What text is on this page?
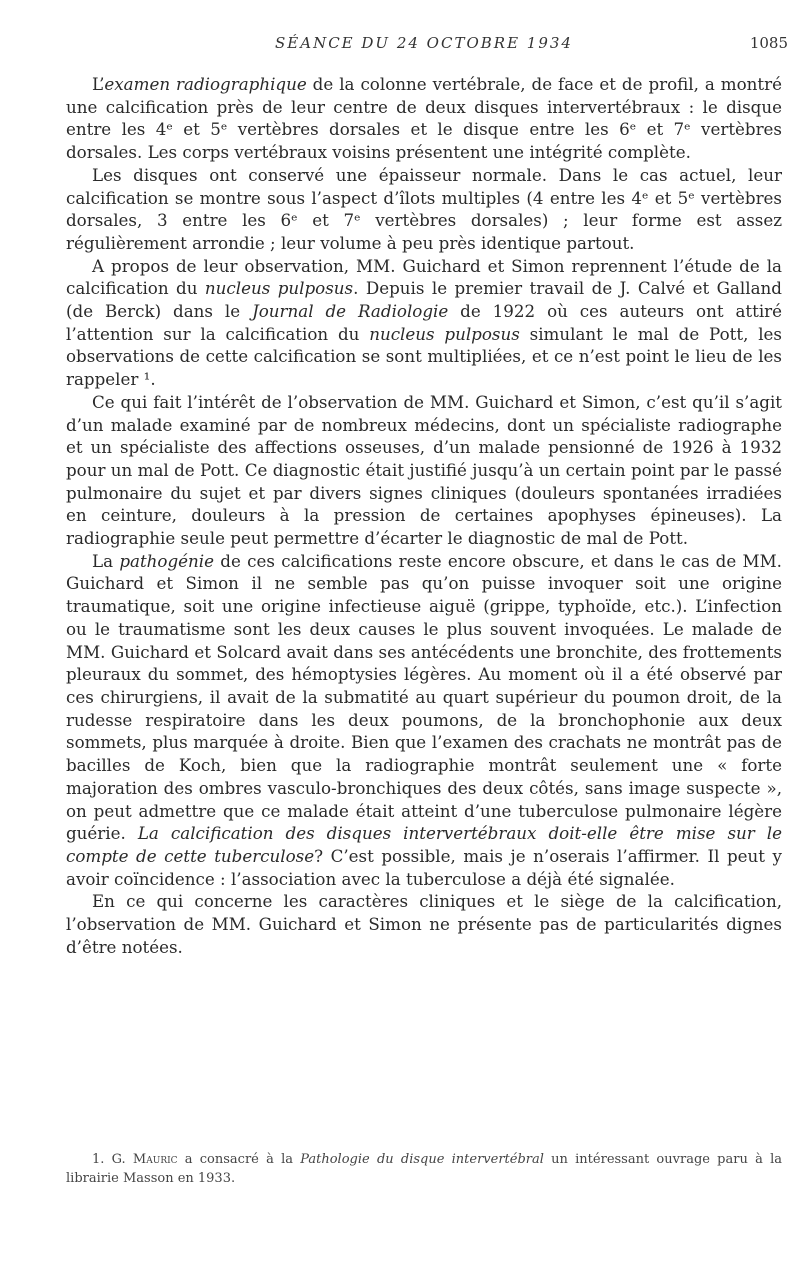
SÉANCE DU 24 OCTOBRE 1934	1085

L’examen radiographique de la colonne vertébrale, de face et de profil, a montré une calcification près de leur centre de deux disques intervertébraux : le disque entre les 4ᵉ et 5ᵉ vertèbres dorsales et le disque entre les 6ᵉ et 7ᵉ vertèbres dorsales. Les corps vertébraux voisins présentent une intégrité complète.

Les disques ont conservé une épaisseur normale. Dans le cas actuel, leur calcification se montre sous l’aspect d’îlots multiples (4 entre les 4ᵉ et 5ᵉ vertèbres dorsales, 3 entre les 6ᵉ et 7ᵉ vertèbres dorsales) ; leur forme est assez régulièrement arrondie ; leur volume à peu près identique partout.

A propos de leur observation, MM. Guichard et Simon reprennent l’étude de la calcification du nucleus pulposus. Depuis le premier travail de J. Calvé et Galland (de Berck) dans le Journal de Radiologie de 1922 où ces auteurs ont attiré l’attention sur la calcification du nucleus pulposus simulant le mal de Pott, les observations de cette calcification se sont multipliées, et ce n’est point le lieu de les rappeler ¹.

Ce qui fait l’intérêt de l’observation de MM. Guichard et Simon, c’est qu’il s’agit d’un malade examiné par de nombreux médecins, dont un spécialiste radiographe et un spécialiste des affections osseuses, d’un malade pensionné de 1926 à 1932 pour un mal de Pott. Ce diagnostic était justifié jusqu’à un certain point par le passé pulmonaire du sujet et par divers signes cliniques (douleurs spontanées irradiées en ceinture, douleurs à la pression de certaines apophyses épineuses). La radiographie seule peut permettre d’écarter le diagnostic de mal de Pott.

La pathogénie de ces calcifications reste encore obscure, et dans le cas de MM. Guichard et Simon il ne semble pas qu’on puisse invoquer soit une origine traumatique, soit une origine infectieuse aiguë (grippe, typhoïde, etc.). L’infection ou le traumatisme sont les deux causes le plus souvent invoquées. Le malade de MM. Guichard et Solcard avait dans ses antécédents une bronchite, des frottements pleuraux du sommet, des hémoptysies légères. Au moment où il a été observé par ces chirurgiens, il avait de la submatité au quart supérieur du poumon droit, de la rudesse respiratoire dans les deux poumons, de la bronchophonie aux deux sommets, plus marquée à droite. Bien que l’examen des crachats ne montrât pas de bacilles de Koch, bien que la radiographie montrât seulement une « forte majoration des ombres vasculo-bronchiques des deux côtés, sans image suspecte », on peut admettre que ce malade était atteint d’une tuberculose pulmonaire légère guérie. La calcification des disques intervertébraux doit-elle être mise sur le compte de cette tuberculose? C’est possible, mais je n’oserais l’affirmer. Il peut y avoir coïncidence : l’association avec la tuberculose a déjà été signalée.

En ce qui concerne les caractères cliniques et le siège de la calcification, l’observation de MM. Guichard et Simon ne présente pas de particularités dignes d’être notées.

1. G. Mauric a consacré à la Pathologie du disque intervertébral un intéressant ouvrage paru à la librairie Masson en 1933.
